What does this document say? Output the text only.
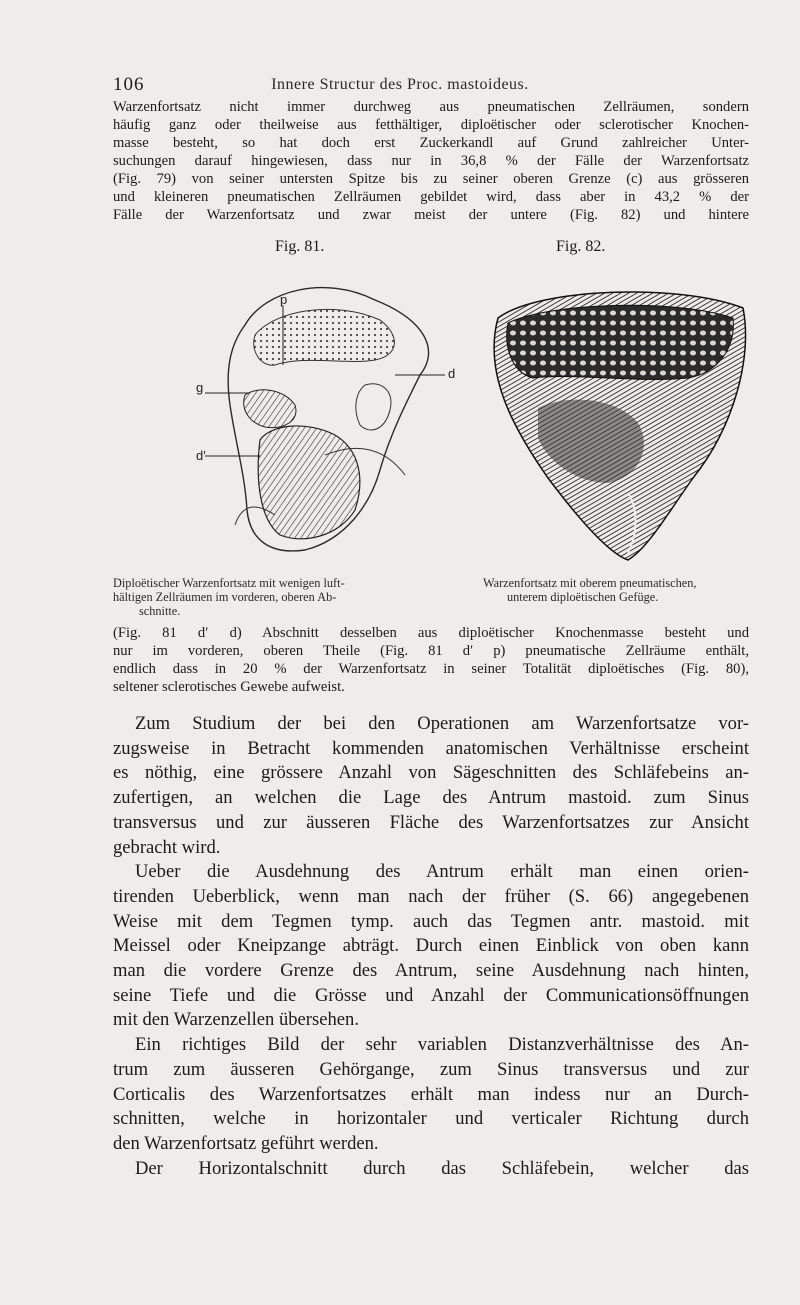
106	Innere Structur des Proc. mastoideus.
Warzenfortsatz nicht immer durchweg aus pneumatischen Zellräumen, sondern
häufig ganz oder theilweise aus fetthältiger, diploëtischer oder sclerotischer Knochen-
masse besteht, so hat doch erst Zuckerkandl auf Grund zahlreicher Unter-
suchungen darauf hingewiesen, dass nur in 36,8 % der Fälle der Warzenfortsatz
(Fig. 79) von seiner untersten Spitze bis zu seiner oberen Grenze (c) aus grösseren
und kleineren pneumatischen Zellräumen gebildet wird, dass aber in 43,2 % der
Fälle der Warzenfortsatz und zwar meist der untere (Fig. 82) und hintere
Fig. 81.
p
g
d
d′
Fig. 82.
Diploëtischer Warzenfortsatz mit wenigen luft-
hältigen Zellräumen im vorderen, oberen Ab-
schnitte.
Warzenfortsatz mit oberem pneumatischen,
unterem diploëtischen Gefüge.
(Fig. 81 d′ d) Abschnitt desselben aus diploëtischer Knochenmasse besteht und
nur im vorderen, oberen Theile (Fig. 81 d′ p) pneumatische Zellräume enthält,
endlich dass in 20 % der Warzenfortsatz in seiner Totalität diploëtisches (Fig. 80),
seltener sclerotisches Gewebe aufweist.
Zum Studium der bei den Operationen am Warzenfortsatze vor-
zugsweise in Betracht kommenden anatomischen Verhältnisse erscheint
es nöthig, eine grössere Anzahl von Sägeschnitten des Schläfebeins an-
zufertigen, an welchen die Lage des Antrum mastoid. zum Sinus
transversus und zur äusseren Fläche des Warzenfortsatzes zur Ansicht
gebracht wird.
Ueber die Ausdehnung des Antrum erhält man einen orien-
tirenden Ueberblick, wenn man nach der früher (S. 66) angegebenen
Weise mit dem Tegmen tymp. auch das Tegmen antr. mastoid. mit
Meissel oder Kneipzange abträgt. Durch einen Einblick von oben kann
man die vordere Grenze des Antrum, seine Ausdehnung nach hinten,
seine Tiefe und die Grösse und Anzahl der Communicationsöffnungen
mit den Warzenzellen übersehen.
Ein richtiges Bild der sehr variablen Distanzverhältnisse des An-
trum zum äusseren Gehörgange, zum Sinus transversus und zur
Corticalis des Warzenfortsatzes erhält man indess nur an Durch-
schnitten, welche in horizontaler und verticaler Richtung durch
den Warzenfortsatz geführt werden.
Der Horizontalschnitt durch das Schläfebein, welcher das
